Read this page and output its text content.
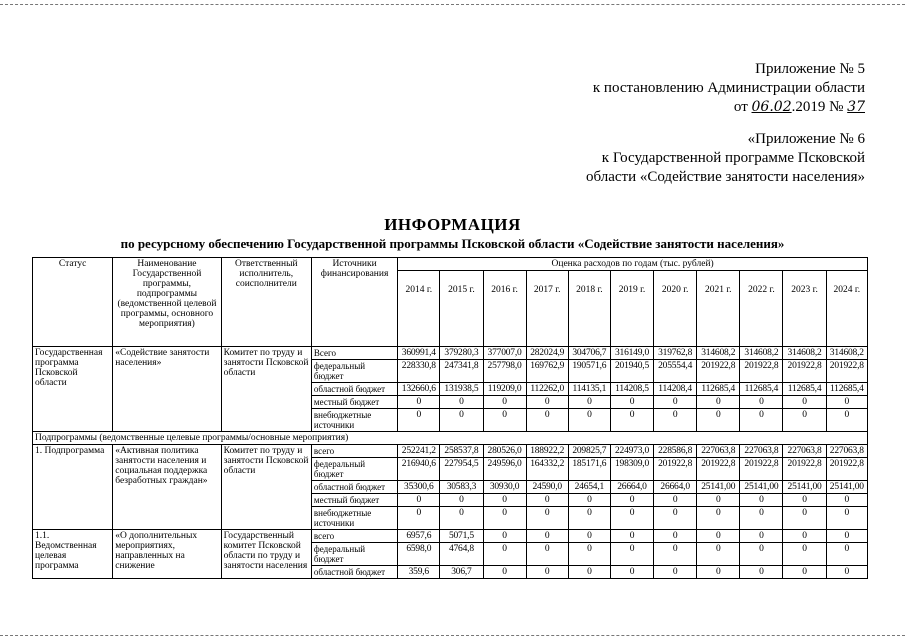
Приложение № 5
к постановлению Администрации области
от 06.02.2019 № 37
«Приложение № 6
к Государственной программе Псковской
области «Содействие занятости населения»
ИНФОРМАЦИЯ
по ресурсному обеспечению Государственной программы Псковской области «Содействие занятости населения»
Статус	Наименование Государственной программы, подпрограммы (ведомственной целевой программы, основного мероприятия)	Ответственный исполнитель, соисполнители	Источники финансирования	Оценка расходов по годам (тыс. рублей)										
				2014 г.	2015 г.	2016 г.	2017 г.	2018 г.	2019 г.	2020 г.	2021 г.	2022 г.	2023 г.	2024 г.
Государственная программа Псковской области	«Содействие занятости населения»	Комитет по труду и занятости Псковской области	Всего	360991,4	379280,3	377007,0	282024,9	304706,7	316149,0	319762,8	314608,2	314608,2	314608,2	314608,2
			федеральный бюджет	228330,8	247341,8	257798,0	169762,9	190571,6	201940,5	205554,4	201922,8	201922,8	201922,8	201922,8
			областной бюджет	132660,6	131938,5	119209,0	112262,0	114135,1	114208,5	114208,4	112685,4	112685,4	112685,4	112685,4
			местный бюджет	0	0	0	0	0	0	0	0	0	0	0
			внебюджетные источники	0	0	0	0	0	0	0	0	0	0	0
Подпрограммы (ведомственные целевые программы/основные мероприятия)														
1. Подпрограмма	«Активная политика занятости населения и социальная поддержка безработных граждан»	Комитет по труду и занятости Псковской области	всего	252241,2	258537,8	280526,0	188922,2	209825,7	224973,0	228586,8	227063,8	227063,8	227063,8	227063,8
			федеральный бюджет	216940,6	227954,5	249596,0	164332,2	185171,6	198309,0	201922,8	201922,8	201922,8	201922,8	201922,8
			областной бюджет	35300,6	30583,3	30930,0	24590,0	24654,1	26664,0	26664,0	25141,00	25141,00	25141,00	25141,00
			местный бюджет	0	0	0	0	0	0	0	0	0	0	0
			внебюджетные источники	0	0	0	0	0	0	0	0	0	0	0
1.1. Ведомственная целевая программа	«О дополнительных мероприятиях, направленных на снижение	Государственный комитет Псковской области по труду и занятости населения	всего	6957,6	5071,5	0	0	0	0	0	0	0	0	0
			федеральный бюджет	6598,0	4764,8	0	0	0	0	0	0	0	0	0
			областной бюджет	359,6	306,7	0	0	0	0	0	0	0	0	0
